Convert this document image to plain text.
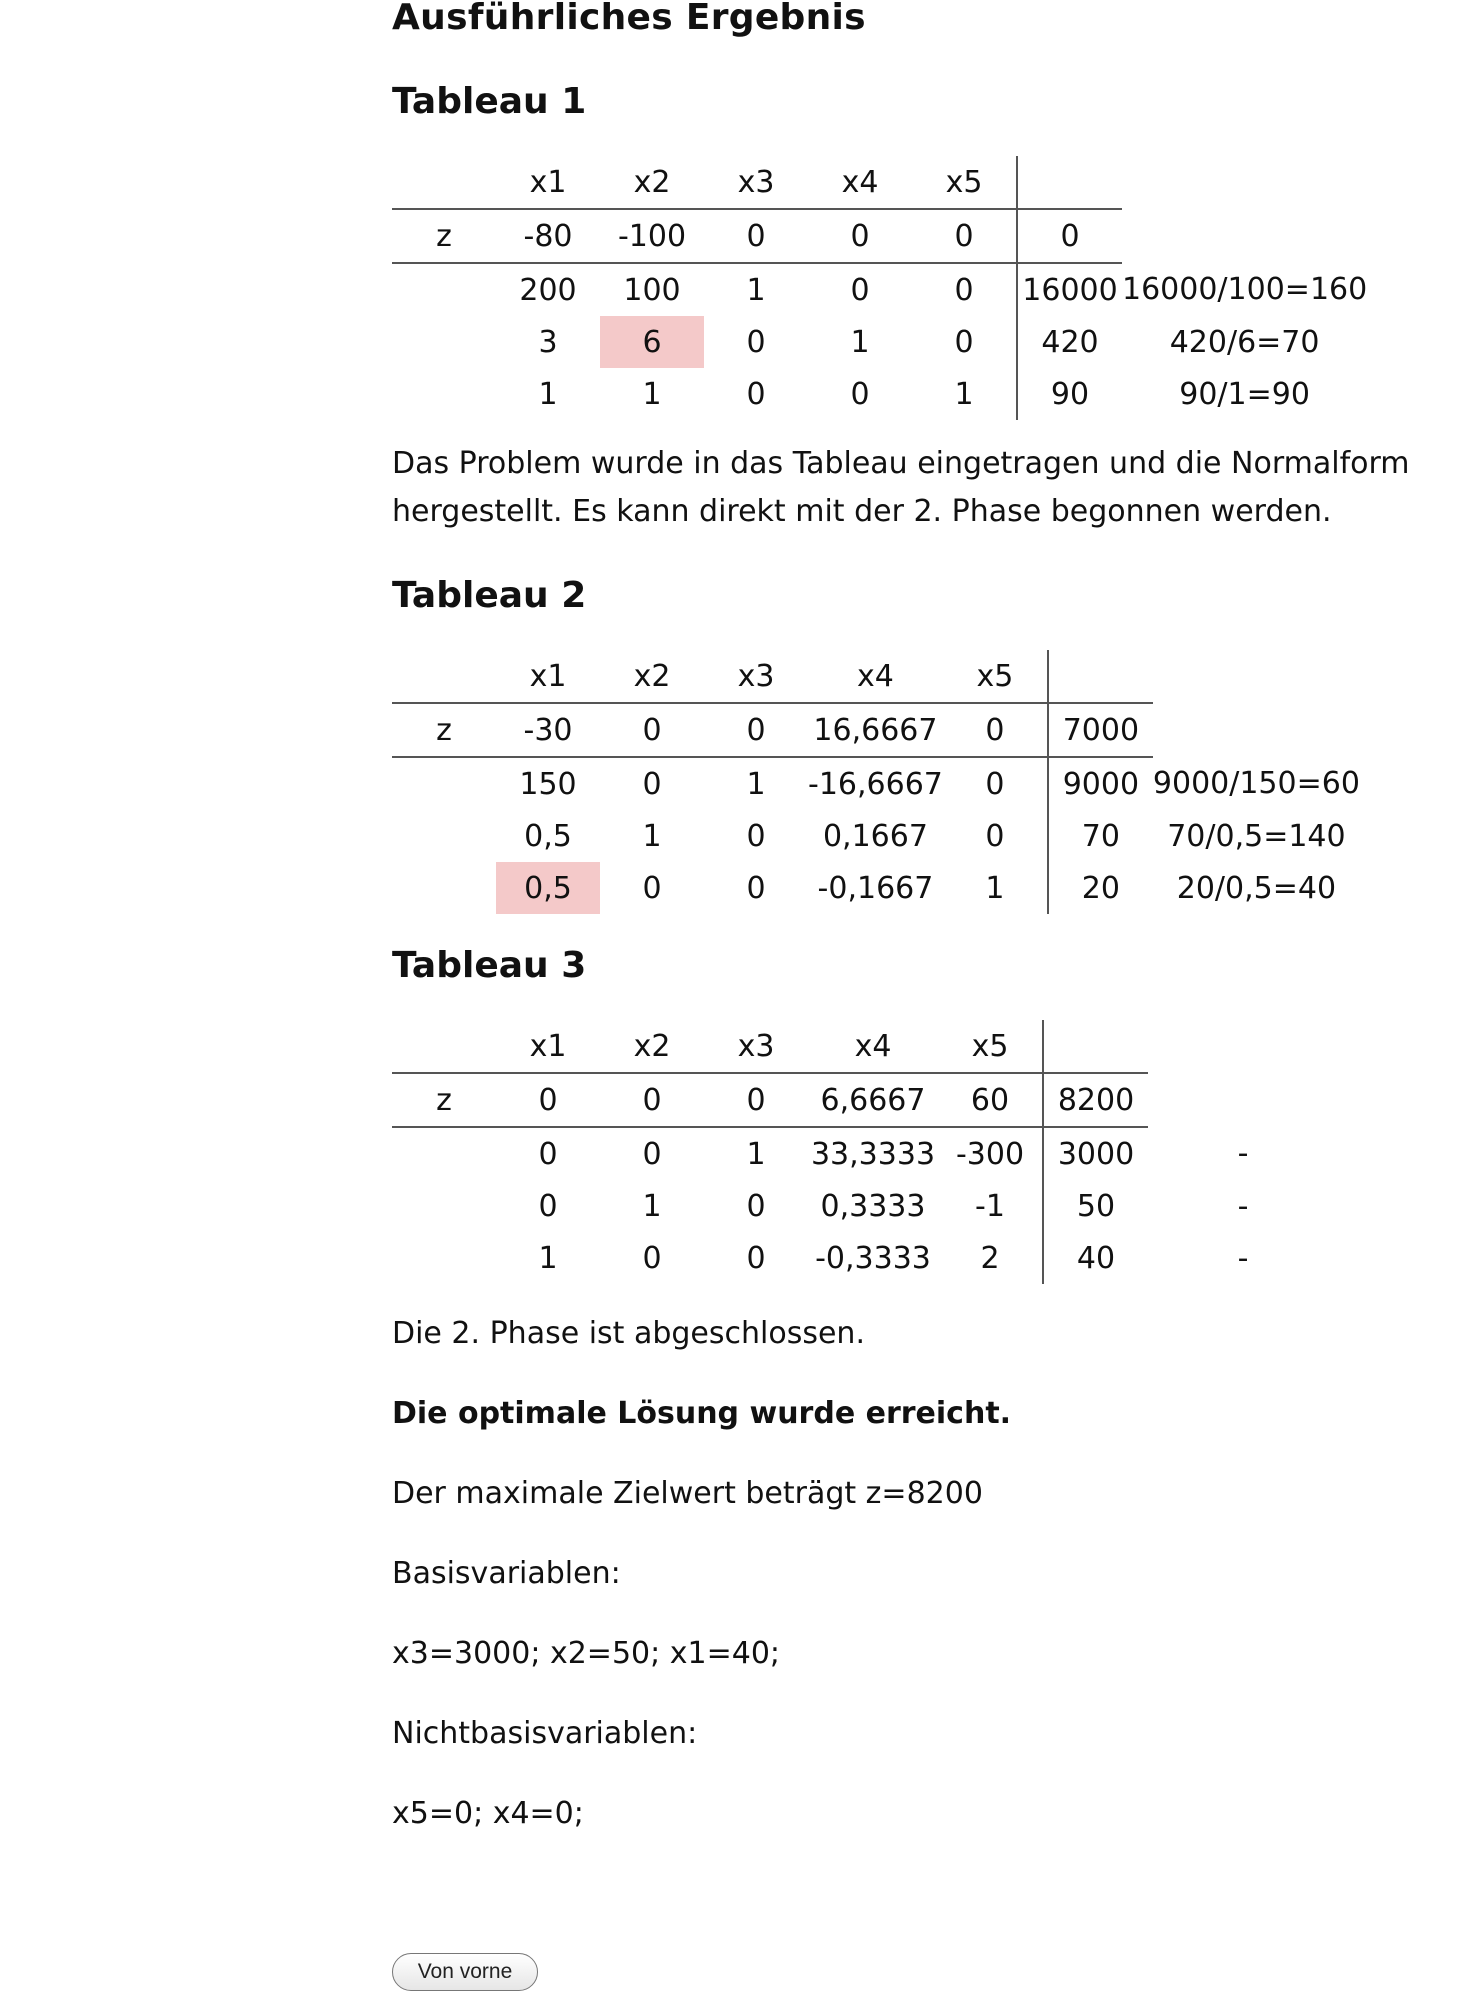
Ausführliches Ergebnis
Tableau 1
	x1	x2	x3	x4	x5		
z	-80	-100	0	0	0	0	
	200	100	1	0	0	16000	16000/100=160
	3	6	0	1	0	420	420/6=70
	1	1	0	0	1	90	90/1=90

Das Problem wurde in das Tableau eingetragen und die Normalform hergestellt. Es kann direkt mit der 2. Phase begonnen werden.

Tableau 2
	x1	x2	x3	x4	x5		
z	-30	0	0	16,6667	0	7000	
	150	0	1	-16,6667	0	9000	9000/150=60
	0,5	1	0	0,1667	0	70	70/0,5=140
	0,5	0	0	-0,1667	1	20	20/0,5=40
Tableau 3
	x1	x2	x3	x4	x5		
z	0	0	0	6,6667	60	8200	
	0	0	1	33,3333	-300	3000	-
	0	1	0	0,3333	-1	50	-
	1	0	0	-0,3333	2	40	-

Die 2. Phase ist abgeschlossen.

Die optimale Lösung wurde erreicht.

Der maximale Zielwert beträgt z=8200

Basisvariablen:

x3=3000; x2=50; x1=40;

Nichtbasisvariablen:

x5=0; x4=0;

Von vorne
